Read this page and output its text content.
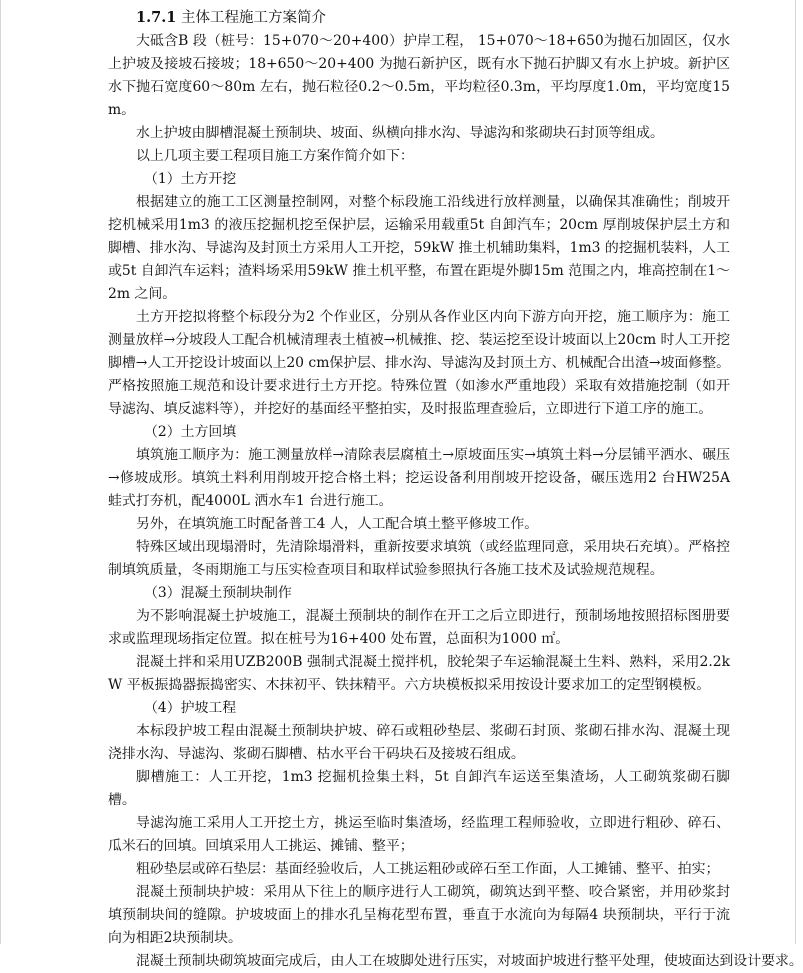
1.7.1 主体工程施工方案简介

大砥含B 段（桩号：15+070～20+400）护岸工程， 15+070～18+650为抛石加固区，仅水上护坡及接坡石接坡；18+650～20+400 为抛石新护区，既有水下抛石护脚又有水上护坡。新护区水下抛石宽度60～80m 左右，抛石粒径0.2～0.5m，平均粒径0.3m，平均厚度1.0m，平均宽度15m。

水上护坡由脚槽混凝土预制块、坡面、纵横向排水沟、导滤沟和浆砌块石封顶等组成。

以上几项主要工程项目施工方案作简介如下：

（1）土方开挖

根据建立的施工工区测量控制网，对整个标段施工沿线进行放样测量，以确保其准确性；削坡开挖机械采用1m3 的液压挖掘机挖至保护层，运输采用载重5t 自卸汽车；20cm 厚削坡保护层土方和脚槽、排水沟、导滤沟及封顶土方采用人工开挖，59kW 推土机辅助集料，1m3 的挖掘机装料，人工或5t 自卸汽车运料；渣料场采用59kW 推土机平整，布置在距堤外脚15m 范围之内，堆高控制在1～2m 之间。

土方开挖拟将整个标段分为2 个作业区，分别从各作业区内向下游方向开挖，施工顺序为：施工测量放样→分坡段人工配合机械清理表土植被→机械推、挖、装运挖至设计坡面以上20cm 时人工开挖脚槽→人工开挖设计坡面以上20 cm保护层、排水沟、导滤沟及封顶土方、机械配合出渣→坡面修整。严格按照施工规范和设计要求进行土方开挖。特殊位置（如渗水严重地段）采取有效措施挖制（如开导滤沟、填反滤料等），并挖好的基面经平整拍实，及时报监理查验后，立即进行下道工序的施工。

（2）土方回填

填筑施工顺序为：施工测量放样→清除表层腐植土→原坡面压实→填筑土料→分层铺平洒水、碾压→修坡成形。填筑土料利用削坡开挖合格土料；挖运设备利用削坡开挖设备，碾压选用2 台HW25A 蛙式打夯机，配4000L 洒水车1 台进行施工。

另外，在填筑施工时配备普工4 人，人工配合填土整平修坡工作。

特殊区域出现塌滑时，先清除塌滑料，重新按要求填筑（或经监理同意，采用块石充填）。严格控制填筑质量，冬雨期施工与压实检查项目和取样试验参照执行各施工技术及试验规范规程。

（3）混凝土预制块制作

为不影响混凝土护坡施工，混凝土预制块的制作在开工之后立即进行，预制场地按照招标图册要求或监理现场指定位置。拟在桩号为16+400 处布置，总面积为1000 ㎡。

混凝土拌和采用UZB200B 强制式混凝土搅拌机，胶轮架子车运输混凝土生料、熟料，采用2.2kW 平板振捣器振捣密实、木抹初平、铁抹精平。六方块模板拟采用按设计要求加工的定型钢模板。

（4）护坡工程

本标段护坡工程由混凝土预制块护坡、碎石或粗砂垫层、浆砌石封顶、浆砌石排水沟、混凝土现浇排水沟、导滤沟、浆砌石脚槽、枯水平台干码块石及接坡石组成。

脚槽施工：人工开挖，1m3 挖掘机捡集土料，5t 自卸汽车运送至集渣场，人工砌筑浆砌石脚槽。

导滤沟施工采用人工开挖土方，挑运至临时集渣场，经监理工程师验收，立即进行粗砂、碎石、瓜米石的回填。回填采用人工挑运、摊铺、整平；

粗砂垫层或碎石垫层：基面经验收后，人工挑运粗砂或碎石至工作面，人工摊铺、整平、拍实；

混凝土预制块护坡：采用从下往上的顺序进行人工砌筑，砌筑达到平整、咬合紧密，并用砂浆封填预制块间的缝隙。护坡坡面上的排水孔呈梅花型布置，垂直于水流向为每隔4 块预制块，平行于流向为相距2块预制块。

混凝土预制块砌筑坡面完成后，由人工在坡脚处进行压实，对坡面护坡进行整平处理，使坡面达到设计要求。
